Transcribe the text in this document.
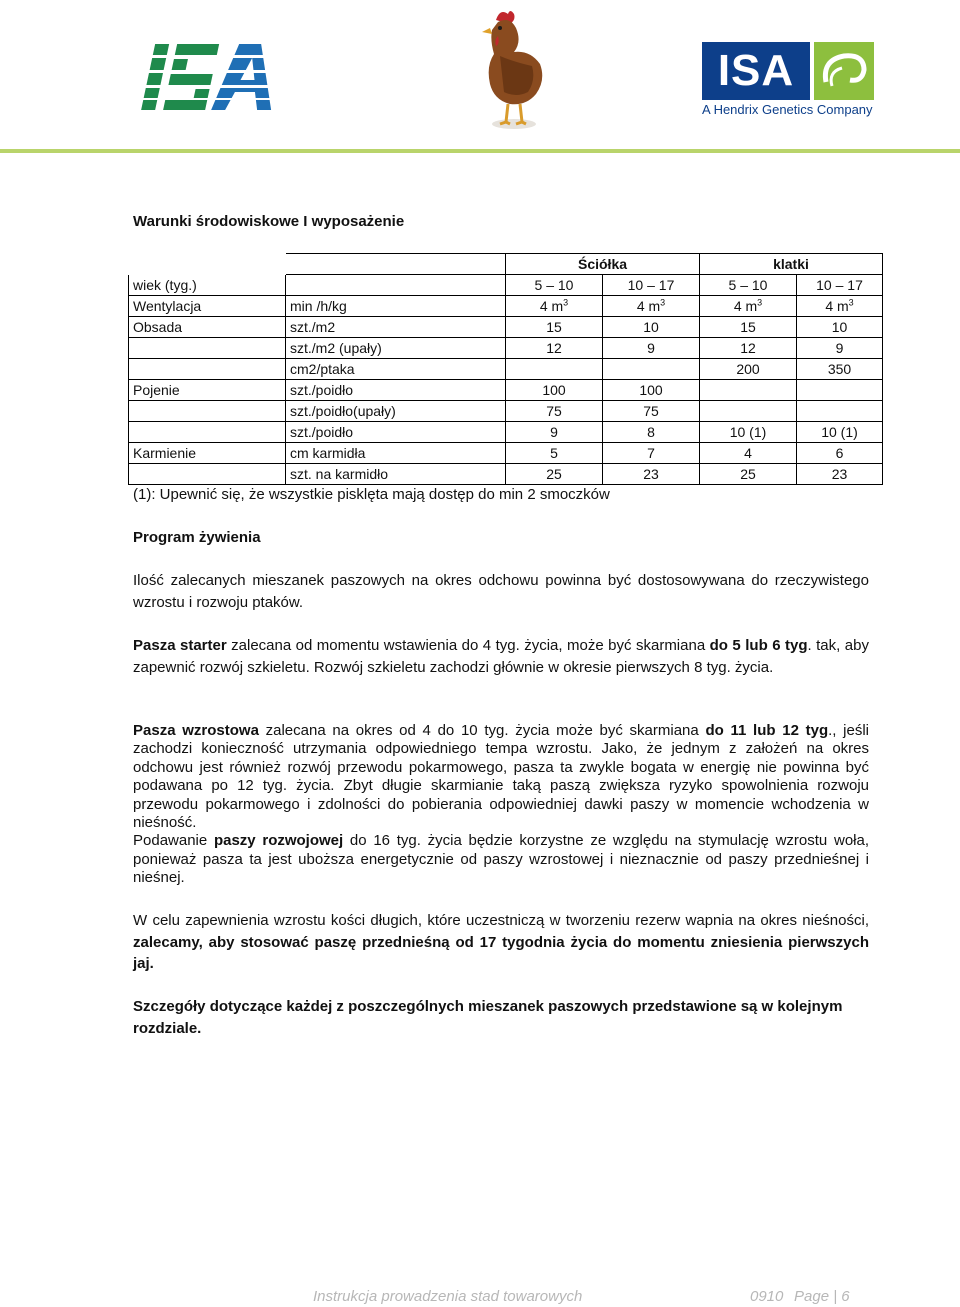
ISA
A Hendrix Genetics Company
Warunki środowiskowe I wyposażenie
		Ściółka		klatki	
wiek (tyg.)		5 – 10	10 – 17	5 – 10	10 – 17
Wentylacja	min /h/kg	4 $m^3$	4 $m^3$	4 $m^3$	4 $m^3$
Obsada	szt./m2	15	10	15	10
	szt./m2 (upały)	12	9	12	9
	cm2/ptaka			200	350
Pojenie	szt./poidło	100	100		
	szt./poidło(upały)	75	75		
	szt./poidło	9	8	10 (1)	10 (1)
Karmienie	cm karmidła	5	7	4	6
	szt. na karmidło	25	23	25	23
(1): Upewnić się, że wszystkie pisklęta mają dostęp do min 2 smoczków
Program żywienia

Ilość zalecanych mieszanek paszowych na okres odchowu powinna być dostosowywana do rzeczywistego wzrostu i rozwoju ptaków.

Pasza starter zalecana od momentu wstawienia do 4 tyg. życia, może być skarmiana do 5 lub 6 tyg. tak, aby zapewnić rozwój szkieletu. Rozwój szkieletu zachodzi głównie w okresie pierwszych 8 tyg. życia.

Pasza wzrostowa zalecana na okres od 4 do 10 tyg. życia może być skarmiana do 11 lub 12 tyg., jeśli zachodzi konieczność utrzymania odpowiedniego tempa wzrostu. Jako, że jednym z założeń na okres odchowu jest również rozwój przewodu pokarmowego, pasza ta zwykle bogata w energię nie powinna być podawana po 12 tyg. życia. Zbyt długie skarmianie taką paszą zwiększa ryzyko spowolnienia rozwoju przewodu pokarmowego i zdolności do pobierania odpowiedniej dawki paszy w momencie wchodzenia w nieśność.
Podawanie paszy rozwojowej do 16 tyg. życia będzie korzystne ze względu na stymulację wzrostu woła, ponieważ pasza ta jest uboższa energetycznie od paszy wzrostowej i nieznacznie od paszy przednieśnej i nieśnej.

W celu zapewnienia wzrostu kości długich, które uczestniczą w tworzeniu rezerw wapnia na okres nieśności, zalecamy, aby stosować paszę przednieśną od 17 tygodnia życia do momentu zniesienia pierwszych jaj.

Szczegóły dotyczące każdej z poszczególnych mieszanek paszowych przedstawione są w kolejnym rozdziale.

Instrukcja prowadzenia stad towarowych	0910 Page | 6
